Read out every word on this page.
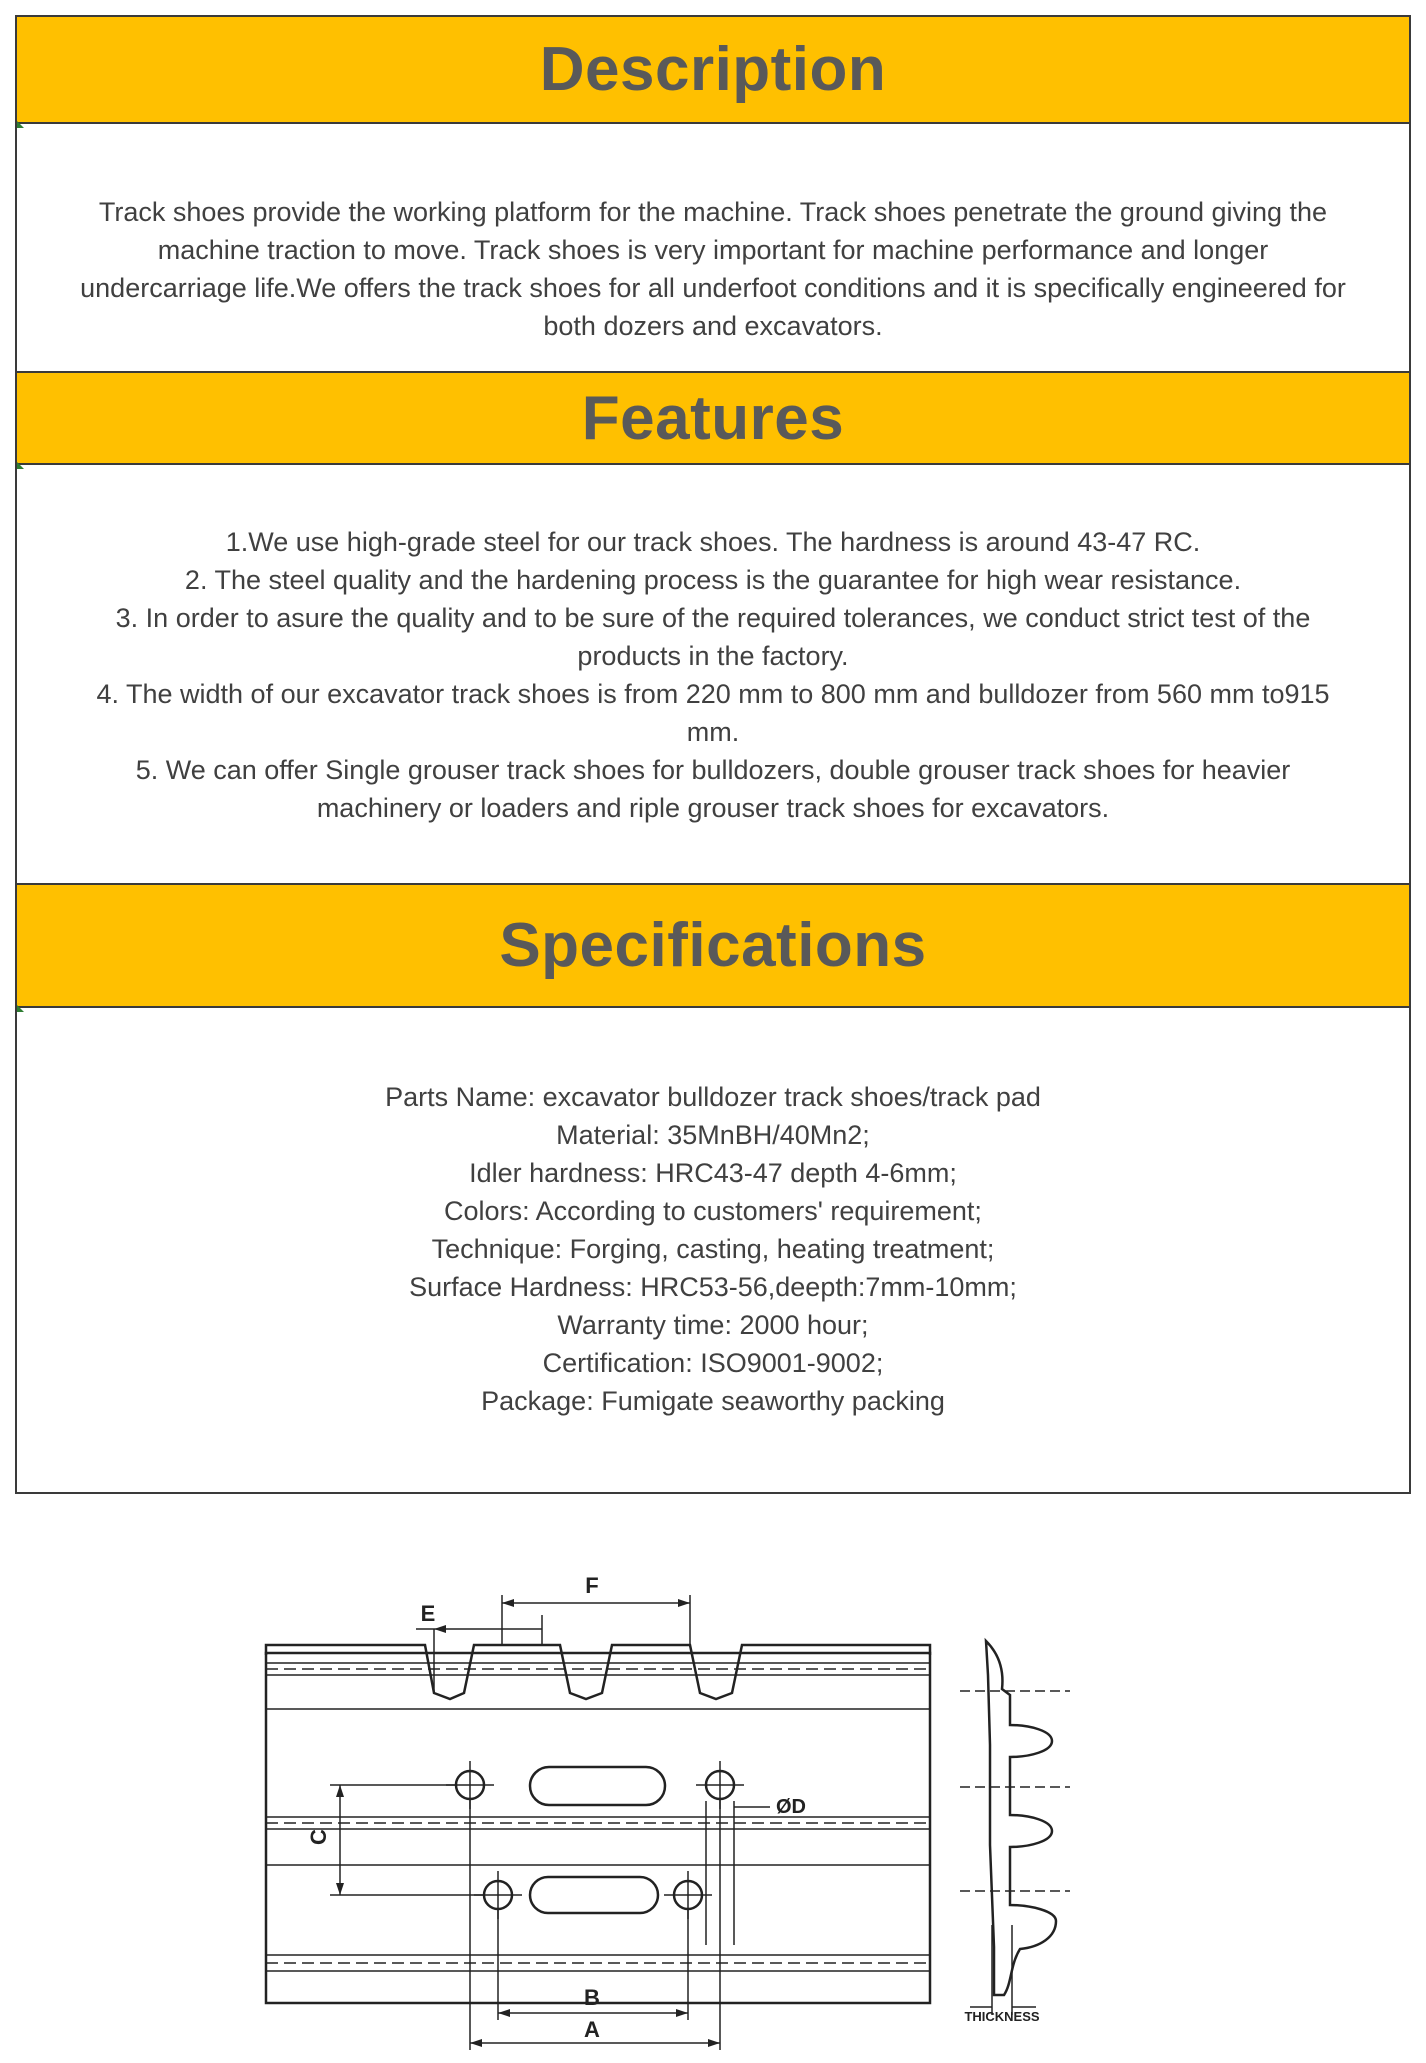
Description

Track shoes provide the working platform for the machine. Track shoes penetrate the ground giving the

machine traction to move. Track shoes is very important for machine performance and longer

undercarriage life.We offers the track shoes for all underfoot conditions and it is specifically engineered for

both dozers and excavators.

Features

1.We use high-grade steel for our track shoes. The hardness is around 43-47 RC.

2. The steel quality and the hardening process is the guarantee for high wear resistance.

3. In order to asure the quality and to be sure of the required tolerances, we conduct strict test of the

products in the factory.

4. The width of our excavator track shoes is from 220 mm to 800 mm and bulldozer from 560 mm to915

mm.

5. We can offer Single grouser track shoes for bulldozers, double grouser track shoes for heavier

machinery or loaders and riple grouser track shoes for excavators.

Specifications

Parts Name: excavator bulldozer track shoes/track pad

Material: 35MnBH/40Mn2;

Idler hardness: HRC43-47 depth 4-6mm;

Colors: According to customers' requirement;

Technique: Forging, casting, heating treatment;

Surface Hardness: HRC53-56,deepth:7mm-10mm;

Warranty time: 2000 hour;

Certification: ISO9001-9002;

Package: Fumigate seaworthy packing

F
E
C
ØD
B
A
THICKNESS
